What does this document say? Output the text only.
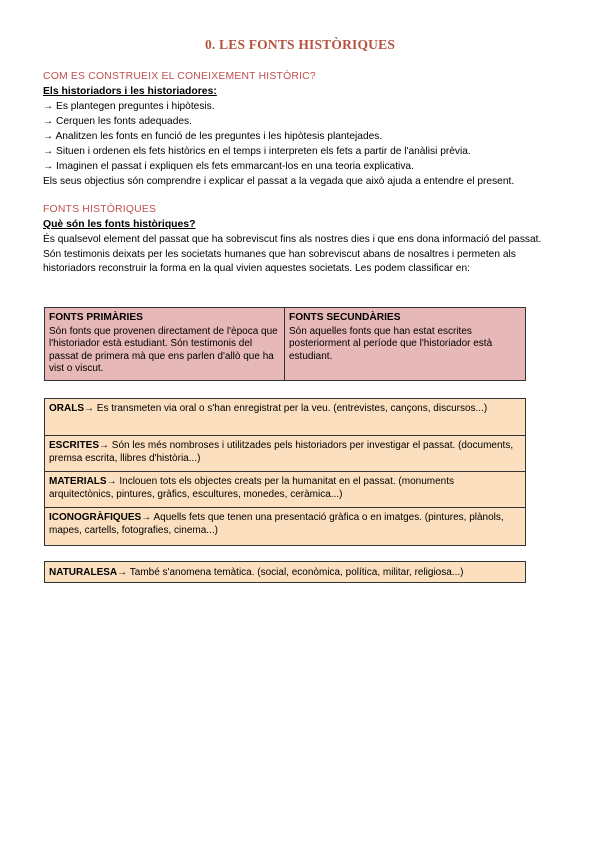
0. LES FONTS HISTÒRIQUES
COM ES CONSTRUEIX EL CONEIXEMENT HISTÒRIC?
Els historiadors i les historiadores:
→ Es plantegen preguntes i hipòtesis.
→ Cerquen les fonts adequades.
→ Analitzen les fonts en funció de les preguntes i les hipòtesis plantejades.
→ Situen i ordenen els fets històrics en el temps i interpreten els fets a partir de l'anàlisi prèvia.
→ Imaginen el passat i expliquen els fets emmarcant-los en una teoria explicativa.
Els seus objectius són comprendre i explicar el passat a la vegada que això ajuda a entendre el present.
FONTS HISTÒRIQUES
Què són les fonts històriques?
És qualsevol element del passat que ha sobreviscut fins als nostres dies i que ens dona informació del passat. Són testimonis deixats per les societats humanes que han sobreviscut abans de nosaltres i permeten als historiadors reconstruir la forma en la qual vivien aquestes societats. Les podem classificar en:
FONTS PRIMÀRIES
Són fonts que provenen directament de l'època que l'historiador està estudiant. Són testimonis del passat de primera mà que ens parlen d'allò que ha vist o viscut.
FONTS SECUNDÀRIES
Són aquelles fonts que han estat escrites posteriorment al període que l'historiador està estudiant.
ORALS→ Es transmeten via oral o s'han enregistrat per la veu. (entrevistes, cançons, discursos...)
ESCRITES→ Són les més nombroses i utilitzades pels historiadors per investigar el passat. (documents, premsa escrita, llibres d'història...)
MATERIALS→ Inclouen tots els objectes creats per la humanitat en el passat. (monuments arquitectònics, pintures, gràfics, escultures, monedes, ceràmica...)
ICONOGRÀFIQUES→ Aquells fets que tenen una presentació gràfica o en imatges. (pintures, plànols, mapes, cartells, fotografies, cinema...)
NATURALESA→ També s'anomena temàtica. (social, econòmica, política, militar, religiosa...)
